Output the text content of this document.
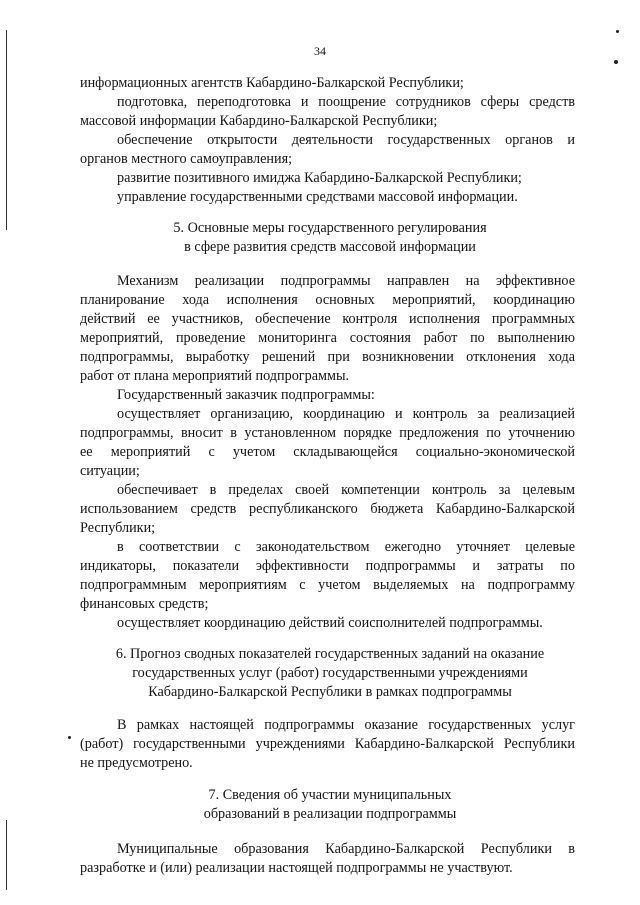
34
информационных агентств Кабардино-Балкарской Республики;
подготовка, переподготовка и поощрение сотрудников сферы средств
массовой информации Кабардино-Балкарской Республики;
обеспечение открытости деятельности государственных органов и
органов местного самоуправления;
развитие позитивного имиджа Кабардино-Балкарской Республики;
управление государственными средствами массовой информации.
5. Основные меры государственного регулирования
в сфере развития средств массовой информации
Механизм реализации подпрограммы направлен на эффективное
планирование хода исполнения основных мероприятий, координацию
действий ее участников, обеспечение контроля исполнения программных
мероприятий, проведение мониторинга состояния работ по выполнению
подпрограммы, выработку решений при возникновении отклонения хода
работ от плана мероприятий подпрограммы.
Государственный заказчик подпрограммы:
осуществляет организацию, координацию и контроль за реализацией
подпрограммы, вносит в установленном порядке предложения по уточнению
ее мероприятий с учетом складывающейся социально-экономической
ситуации;
обеспечивает в пределах своей компетенции контроль за целевым
использованием средств республиканского бюджета Кабардино-Балкарской
Республики;
в соответствии с законодательством ежегодно уточняет целевые
индикаторы, показатели эффективности подпрограммы и затраты по
подпрограммным мероприятиям с учетом выделяемых на подпрограмму
финансовых средств;
осуществляет координацию действий соисполнителей подпрограммы.
6. Прогноз сводных показателей государственных заданий на оказание
государственных услуг (работ) государственными учреждениями
Кабардино-Балкарской Республики в рамках подпрограммы
В рамках настоящей подпрограммы оказание государственных услуг
(работ) государственными учреждениями Кабардино-Балкарской Республики
не предусмотрено.
7. Сведения об участии муниципальных
образований в реализации подпрограммы
Муниципальные образования Кабардино-Балкарской Республики в
разработке и (или) реализации настоящей подпрограммы не участвуют.
